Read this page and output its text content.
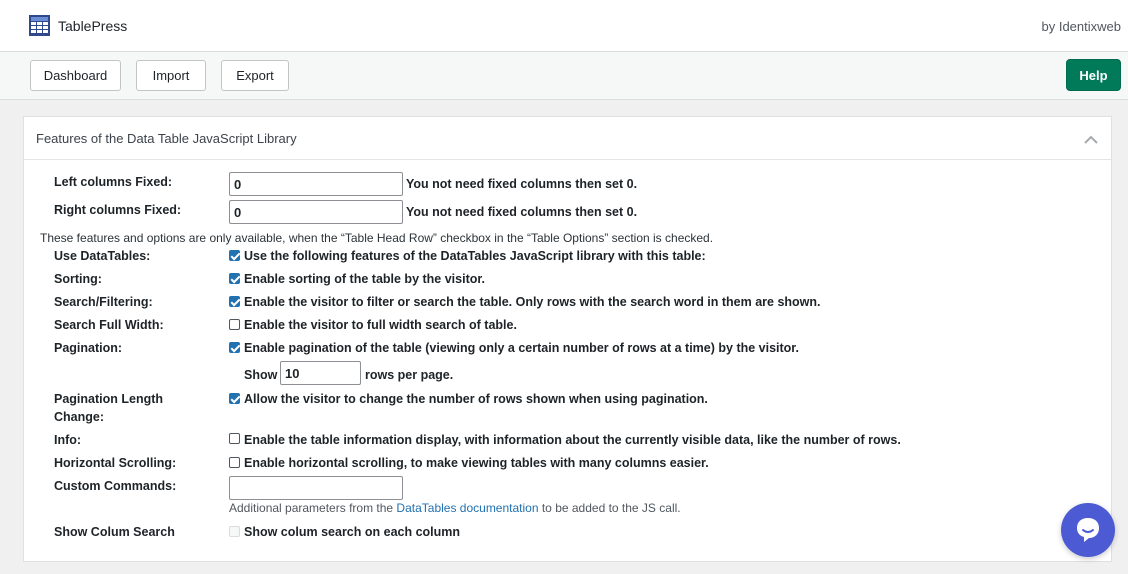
TablePress	by Identixweb
Dashboard	Import	Export	Help
Features of the Data Table JavaScript Library
Left columns Fixed:
0	You not need fixed columns then set 0.
Right columns Fixed:
0	You not need fixed columns then set 0.
These features and options are only available, when the “Table Head Row” checkbox in the “Table Options” section is checked.
Use DataTables:	Use the following features of the DataTables JavaScript library with this table:
Sorting:	Enable sorting of the table by the visitor.
Search/Filtering:	Enable the visitor to filter or search the table. Only rows with the search word in them are shown.
Search Full Width:	Enable the visitor to full width search of table.
Pagination:	Enable pagination of the table (viewing only a certain number of rows at a time) by the visitor.
Show
10	rows per page.
Pagination Length
Change:
Allow the visitor to change the number of rows shown when using pagination.
Info:	Enable the table information display, with information about the currently visible data, like the number of rows.
Horizontal Scrolling:	Enable horizontal scrolling, to make viewing tables with many columns easier.
Custom Commands:
Additional parameters from the DataTables documentation to be added to the JS call.
Show Colum Search	Show colum search on each column
